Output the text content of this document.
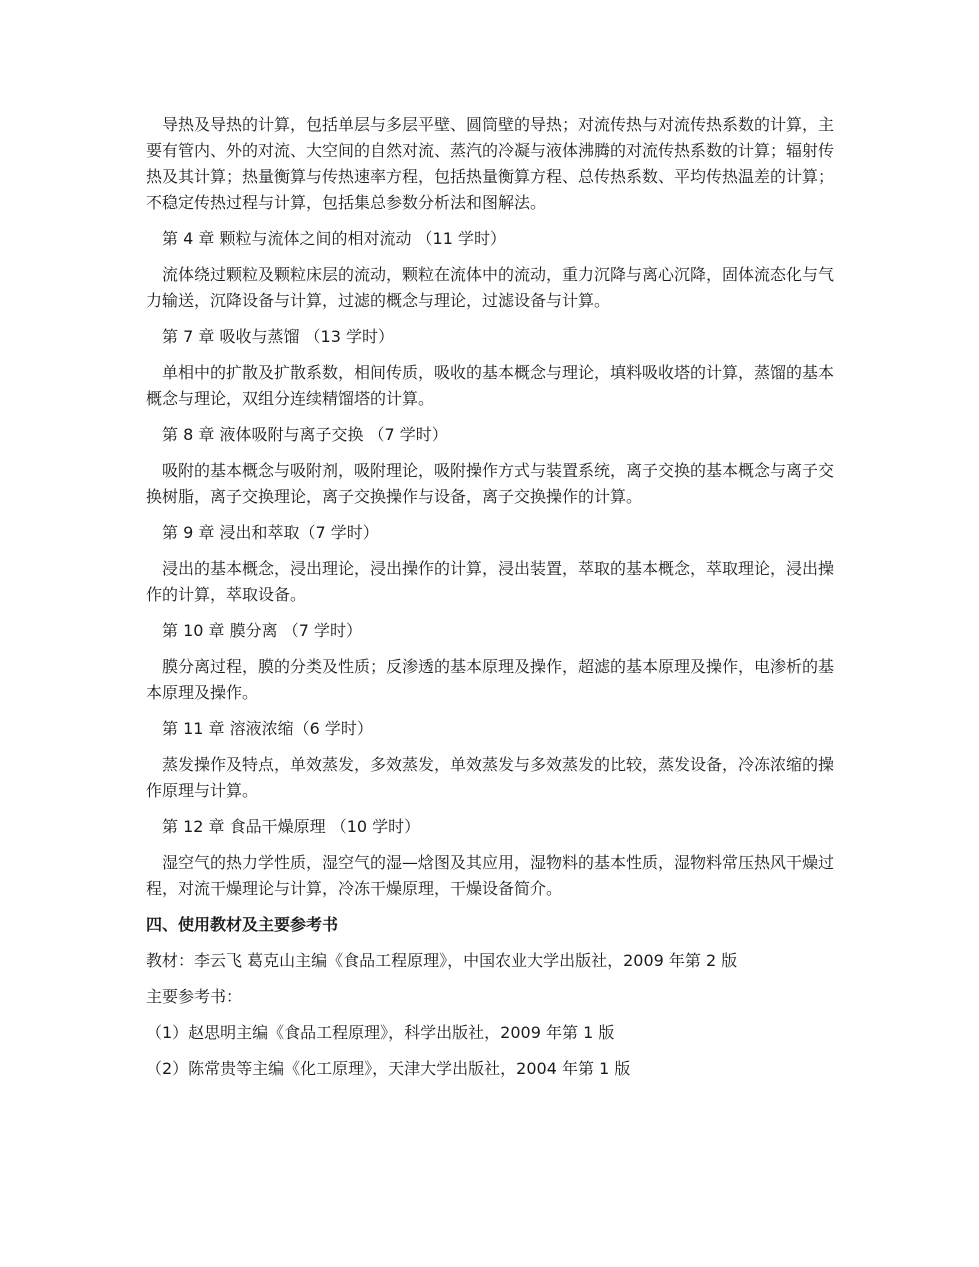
导热及导热的计算，包括单层与多层平壁、圆筒壁的导热；对流传热与对流传热系数的计算，主要有管内、外的对流、大空间的自然对流、蒸汽的冷凝与液体沸腾的对流传热系数的计算；辐射传热及其计算；热量衡算与传热速率方程，包括热量衡算方程、总传热系数、平均传热温差的计算；不稳定传热过程与计算，包括集总参数分析法和图解法。

第 4 章 颗粒与流体之间的相对流动 （11 学时）

流体绕过颗粒及颗粒床层的流动，颗粒在流体中的流动，重力沉降与离心沉降，固体流态化与气力输送，沉降设备与计算，过滤的概念与理论，过滤设备与计算。

第 7 章 吸收与蒸馏 （13 学时）

单相中的扩散及扩散系数，相间传质，吸收的基本概念与理论，填料吸收塔的计算，蒸馏的基本概念与理论，双组分连续精馏塔的计算。

第 8 章 液体吸附与离子交换 （7 学时）

吸附的基本概念与吸附剂，吸附理论，吸附操作方式与装置系统，离子交换的基本概念与离子交换树脂，离子交换理论，离子交换操作与设备，离子交换操作的计算。

第 9 章 浸出和萃取（7 学时）

浸出的基本概念，浸出理论，浸出操作的计算，浸出装置，萃取的基本概念，萃取理论，浸出操作的计算，萃取设备。

第 10 章 膜分离 （7 学时）

膜分离过程，膜的分类及性质；反渗透的基本原理及操作，超滤的基本原理及操作，电渗析的基本原理及操作。

第 11 章 溶液浓缩（6 学时）

蒸发操作及特点，单效蒸发，多效蒸发，单效蒸发与多效蒸发的比较，蒸发设备，冷冻浓缩的操作原理与计算。

第 12 章 食品干燥原理 （10 学时）

湿空气的热力学性质，湿空气的湿—焓图及其应用，湿物料的基本性质，湿物料常压热风干燥过程，对流干燥理论与计算，冷冻干燥原理，干燥设备简介。

四、使用教材及主要参考书

教材：李云飞 葛克山主编《食品工程原理》，中国农业大学出版社，2009 年第 2 版

主要参考书：

（1）赵思明主编《食品工程原理》，科学出版社，2009 年第 1 版

（2）陈常贵等主编《化工原理》，天津大学出版社，2004 年第 1 版
